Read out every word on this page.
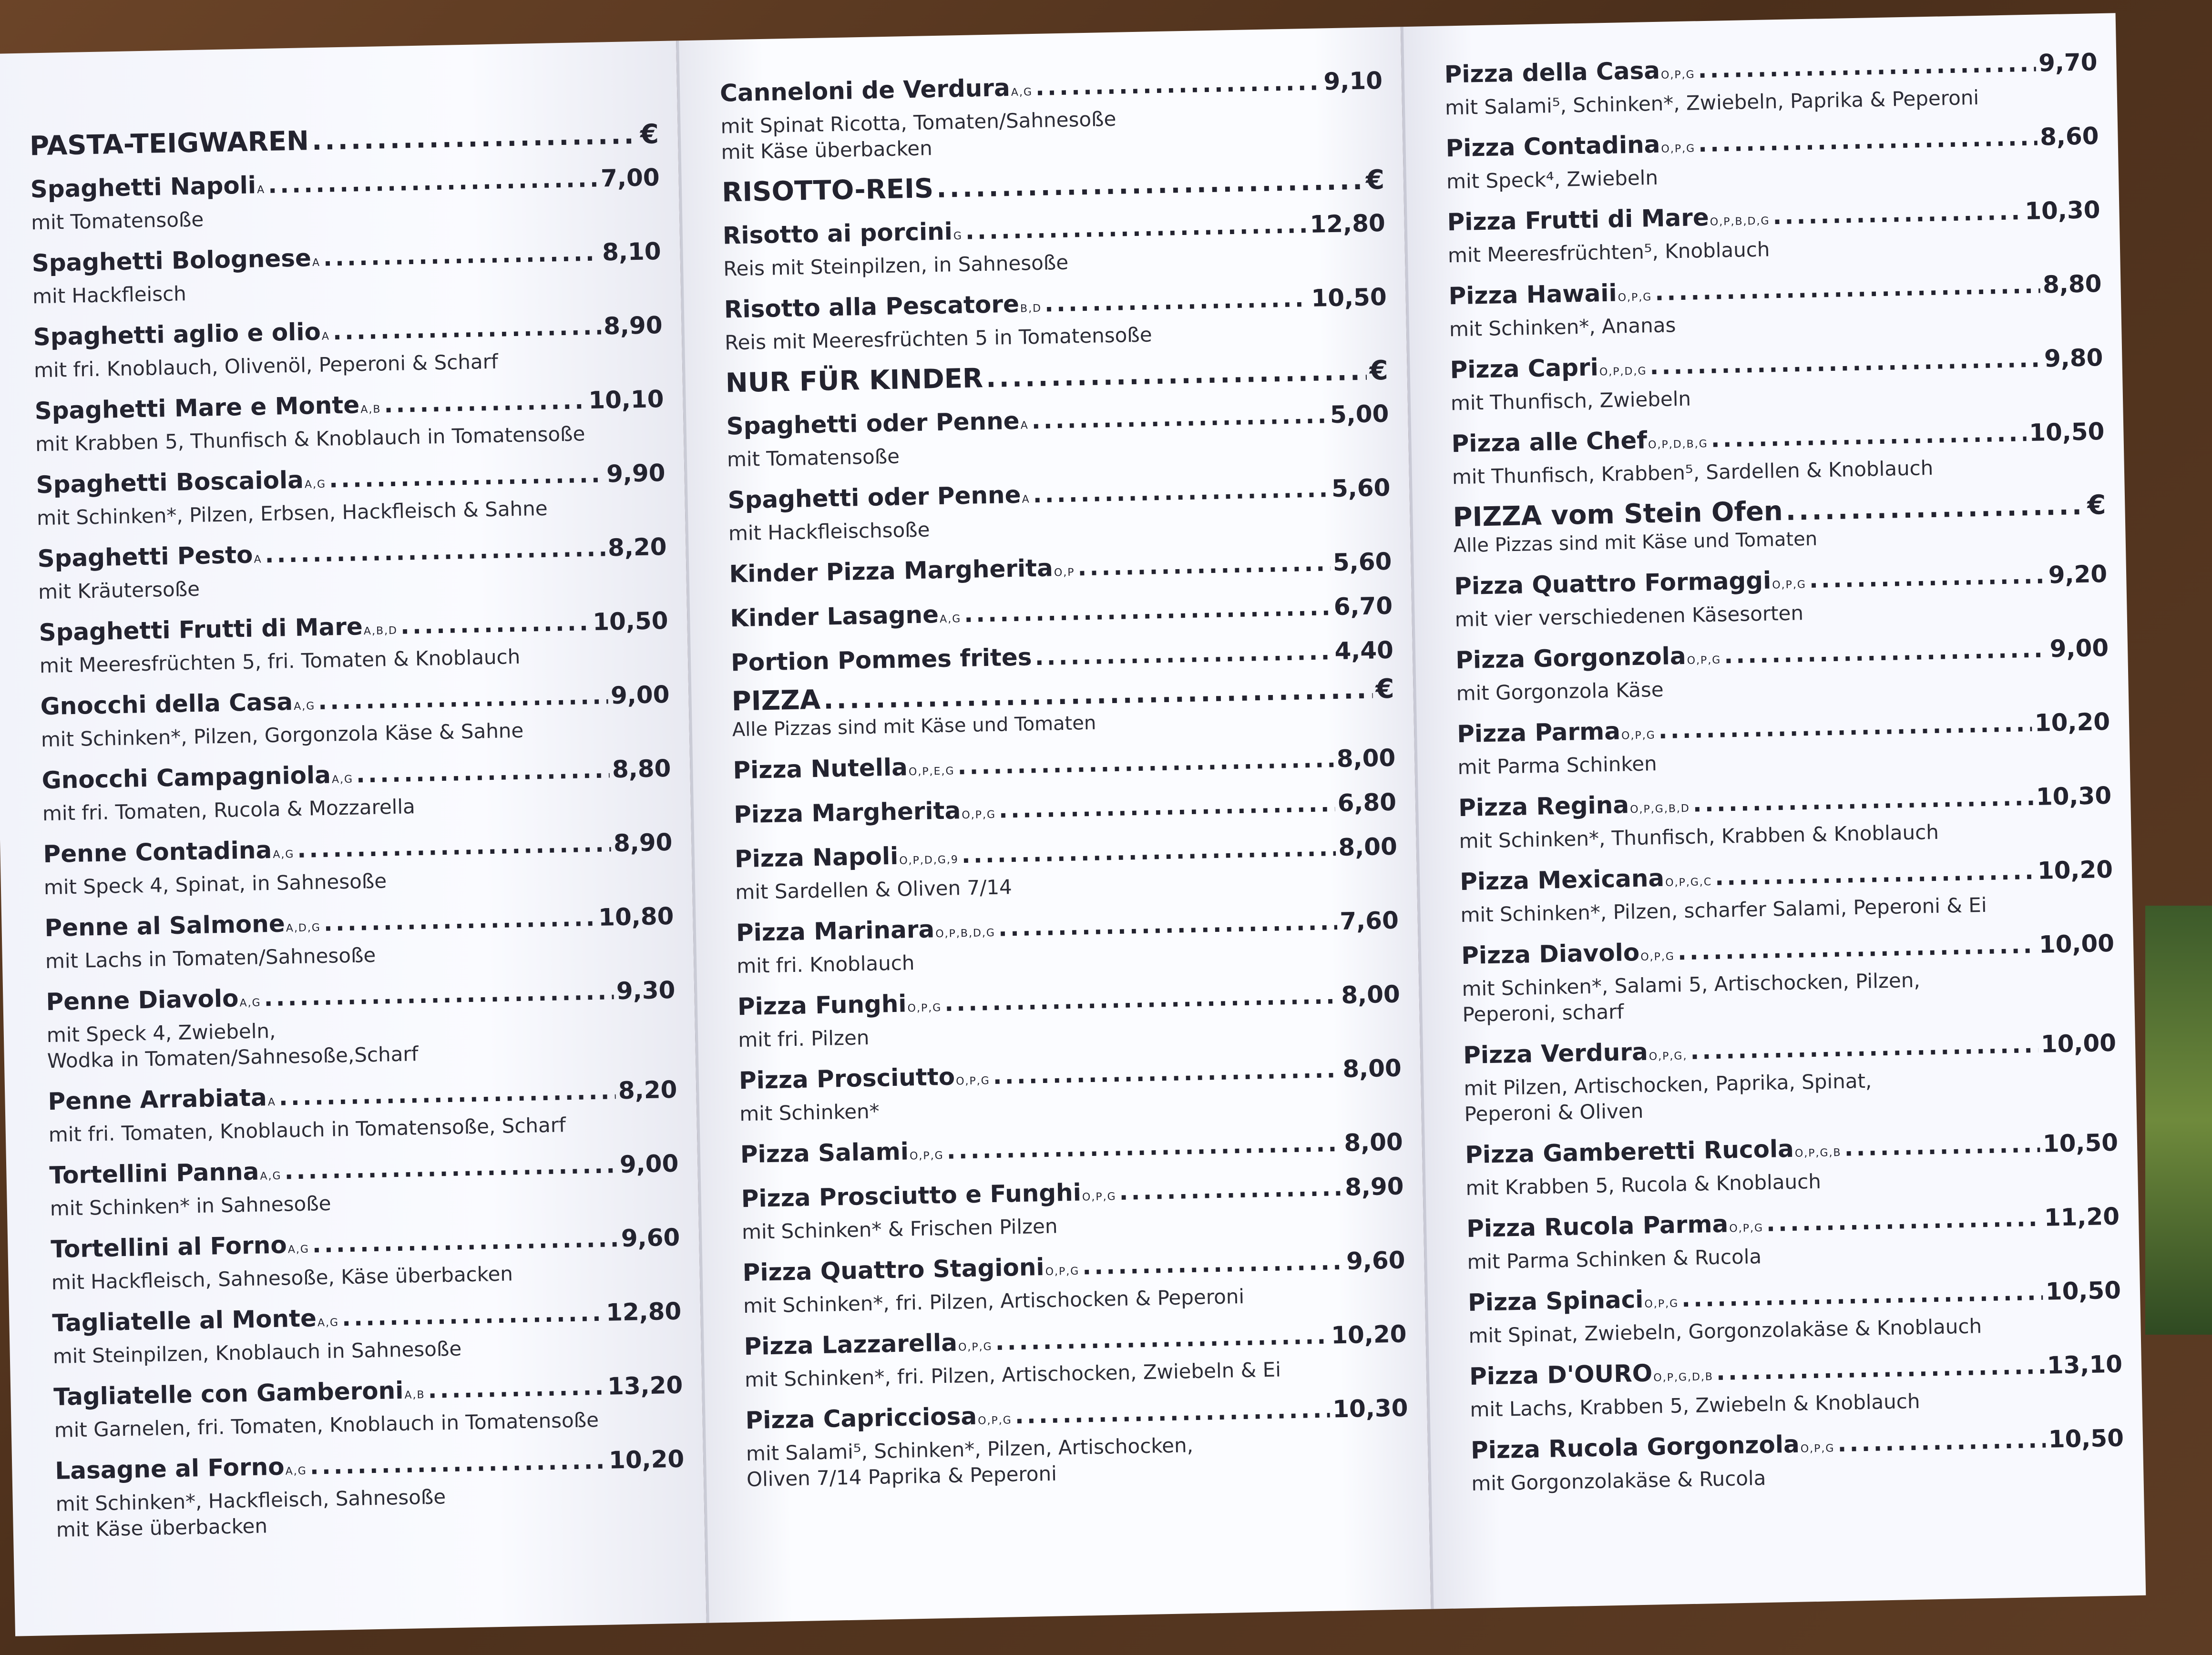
PASTA-TEIGWAREN .....	€
Spaghetti Napoli A .....	7,00
mit Tomatensoße
Spaghetti Bolognese A .....	8,10
mit Hackfleisch
Spaghetti aglio e olio A .....	8,90
mit fri. Knoblauch, Olivenöl, Peperoni & Scharf
Spaghetti Mare e Monte A,B .....	10,10
mit Krabben 5, Thunfisch & Knoblauch in Tomatensoße
Spaghetti Boscaiola A,G .....	9,90
mit Schinken*, Pilzen, Erbsen, Hackfleisch & Sahne
Spaghetti Pesto A .....	8,20
mit Kräutersoße
Spaghetti Frutti di Mare A,B,D .....	10,50
mit Meeresfrüchten 5, fri. Tomaten & Knoblauch
Gnocchi della Casa A,G .....	9,00
mit Schinken*, Pilzen, Gorgonzola Käse & Sahne
Gnocchi Campagniola A,G .....	8,80
mit fri. Tomaten, Rucola & Mozzarella
Penne Contadina A,G .....	8,90
mit Speck 4, Spinat, in Sahnesoße
Penne al Salmone A,D,G .....	10,80
mit Lachs in Tomaten/Sahnesoße
Penne Diavolo A,G .....	9,30
mit Speck 4, Zwiebeln,
Wodka in Tomaten/Sahnesoße,Scharf
Penne Arrabiata A .....	8,20
mit fri. Tomaten, Knoblauch in Tomatensoße, Scharf
Tortellini Panna A,G .....	9,00
mit Schinken* in Sahnesoße
Tortellini al Forno A,G .....	9,60
mit Hackfleisch, Sahnesoße, Käse überbacken
Tagliatelle al Monte A,G .....	12,80
mit Steinpilzen, Knoblauch in Sahnesoße
Tagliatelle con Gamberoni A,B .....	13,20
mit Garnelen, fri. Tomaten, Knoblauch in Tomatensoße
Lasagne al Forno A,G .....	10,20
mit Schinken*, Hackfleisch, Sahnesoße
mit Käse überbacken
Canneloni de Verdura A,G .....	9,10
mit Spinat Ricotta, Tomaten/Sahnesoße
mit Käse überbacken
RISOTTO-REIS .....	€
Risotto ai porcini G .....	12,80
Reis mit Steinpilzen, in Sahnesoße
Risotto alla Pescatore B,D .....	10,50
Reis mit Meeresfrüchten 5 in Tomatensoße
NUR FÜR KINDER .....	€
Spaghetti oder Penne A .....	5,00
mit Tomatensoße
Spaghetti oder Penne A .....	5,60
mit Hackfleischsoße
Kinder Pizza Margherita O,P .....	5,60
Kinder Lasagne A,G .....	6,70
Portion Pommes frites .....	4,40
PIZZA .....	€
Alle Pizzas sind mit Käse und Tomaten
Pizza Nutella O,P,E,G .....	8,00
Pizza Margherita O,P,G .....	6,80
Pizza Napoli O,P,D,G,9 .....	8,00
mit Sardellen & Oliven 7/14
Pizza Marinara O,P,B,D,G .....	7,60
mit fri. Knoblauch
Pizza Funghi O,P,G .....	8,00
mit fri. Pilzen
Pizza Prosciutto O,P,G .....	8,00
mit Schinken*
Pizza Salami O,P,G .....	8,00
Pizza Prosciutto e Funghi O,P,G .....	8,90
mit Schinken* & Frischen Pilzen
Pizza Quattro Stagioni O,P,G .....	9,60
mit Schinken*, fri. Pilzen, Artischocken & Peperoni
Pizza Lazzarella O,P,G .....	10,20
mit Schinken*, fri. Pilzen, Artischocken, Zwiebeln & Ei
Pizza Capricciosa O,P,G .....	10,30
mit Salami⁵, Schinken*, Pilzen, Artischocken,
Oliven 7/14 Paprika & Peperoni
Pizza della Casa O,P,G .....	9,70
mit Salami⁵, Schinken*, Zwiebeln, Paprika & Peperoni
Pizza Contadina O,P,G .....	8,60
mit Speck⁴, Zwiebeln
Pizza Frutti di Mare O,P,B,D,G .....	10,30
mit Meeresfrüchten⁵, Knoblauch
Pizza Hawaii O,P,G .....	8,80
mit Schinken*, Ananas
Pizza Capri O,P,D,G .....	9,80
mit Thunfisch, Zwiebeln
Pizza alle Chef O,P,D,B,G .....	10,50
mit Thunfisch, Krabben⁵, Sardellen & Knoblauch
PIZZA vom Stein Ofen .....	€
Alle Pizzas sind mit Käse und Tomaten
Pizza Quattro Formaggi O,P,G .....	9,20
mit vier verschiedenen Käsesorten
Pizza Gorgonzola O,P,G .....	9,00
mit Gorgonzola Käse
Pizza Parma O,P,G .....	10,20
mit Parma Schinken
Pizza Regina O,P,G,B,D .....	10,30
mit Schinken*, Thunfisch, Krabben & Knoblauch
Pizza Mexicana O,P,G,C .....	10,20
mit Schinken*, Pilzen, scharfer Salami, Peperoni & Ei
Pizza Diavolo O,P,G .....	10,00
mit Schinken*, Salami 5, Artischocken, Pilzen,
Peperoni, scharf
Pizza Verdura O,P,G, .....	10,00
mit Pilzen, Artischocken, Paprika, Spinat,
Peperoni & Oliven
Pizza Gamberetti Rucola O,P,G,B .....	10,50
mit Krabben 5, Rucola & Knoblauch
Pizza Rucola Parma O,P,G .....	11,20
mit Parma Schinken & Rucola
Pizza Spinaci O,P,G .....	10,50
mit Spinat, Zwiebeln, Gorgonzolakäse & Knoblauch
Pizza D'OURO O,P,G,D,B .....	13,10
mit Lachs, Krabben 5, Zwiebeln & Knoblauch
Pizza Rucola Gorgonzola O,P,G .....	10,50
mit Gorgonzolakäse & Rucola
